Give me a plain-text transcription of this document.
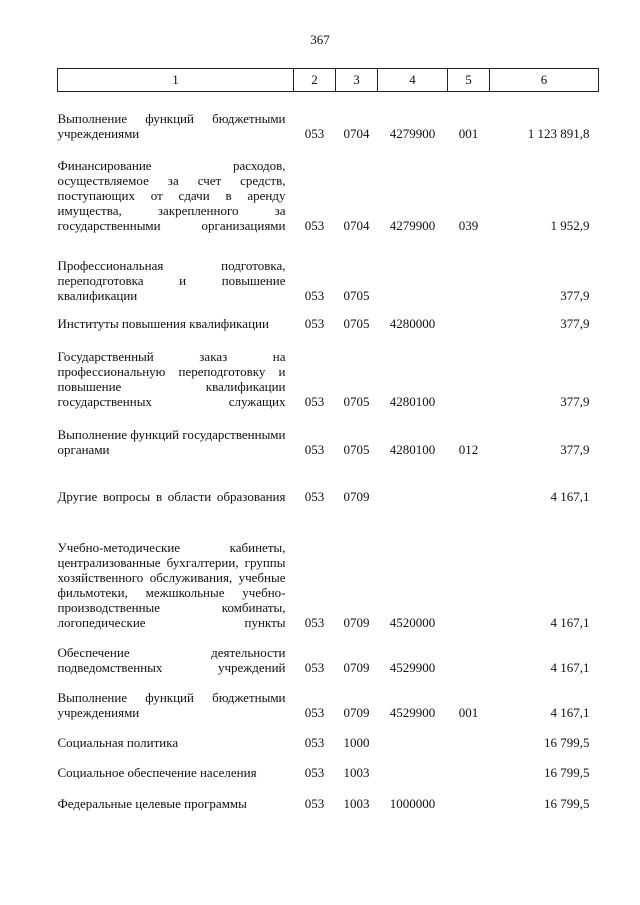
367
1	2	3	4	5	6
Выполнение функций бюджетными учреждениями	053	0704	4279900	001	1 123 891,8
Финансирование расходов, осуществляемое за счет средств, поступающих от сдачи в аренду имущества, закрепленного за государственными организациями	053	0704	4279900	039	1 952,9
Профессиональная подготовка, переподготовка и повышение квалификации	053	0705			377,9
Институты повышения квалификации	053	0705	4280000		377,9
Государственный заказ на профессиональную переподготовку и повышение квалификации государственных служащих	053	0705	4280100		377,9
Выполнение функций государственными органами	053	0705	4280100	012	377,9
Другие вопросы в области образования	053	0709			4 167,1
Учебно-методические кабинеты, централизованные бухгалтерии, группы хозяйственного обслуживания, учебные фильмотеки, межшкольные учебно-производственные комбинаты, логопедические пункты	053	0709	4520000		4 167,1
Обеспечение деятельности подведомственных учреждений	053	0709	4529900		4 167,1
Выполнение функций бюджетными учреждениями	053	0709	4529900	001	4 167,1
Социальная политика	053	1000			16 799,5
Социальное обеспечение населения	053	1003			16 799,5
Федеральные целевые программы	053	1003	1000000		16 799,5
